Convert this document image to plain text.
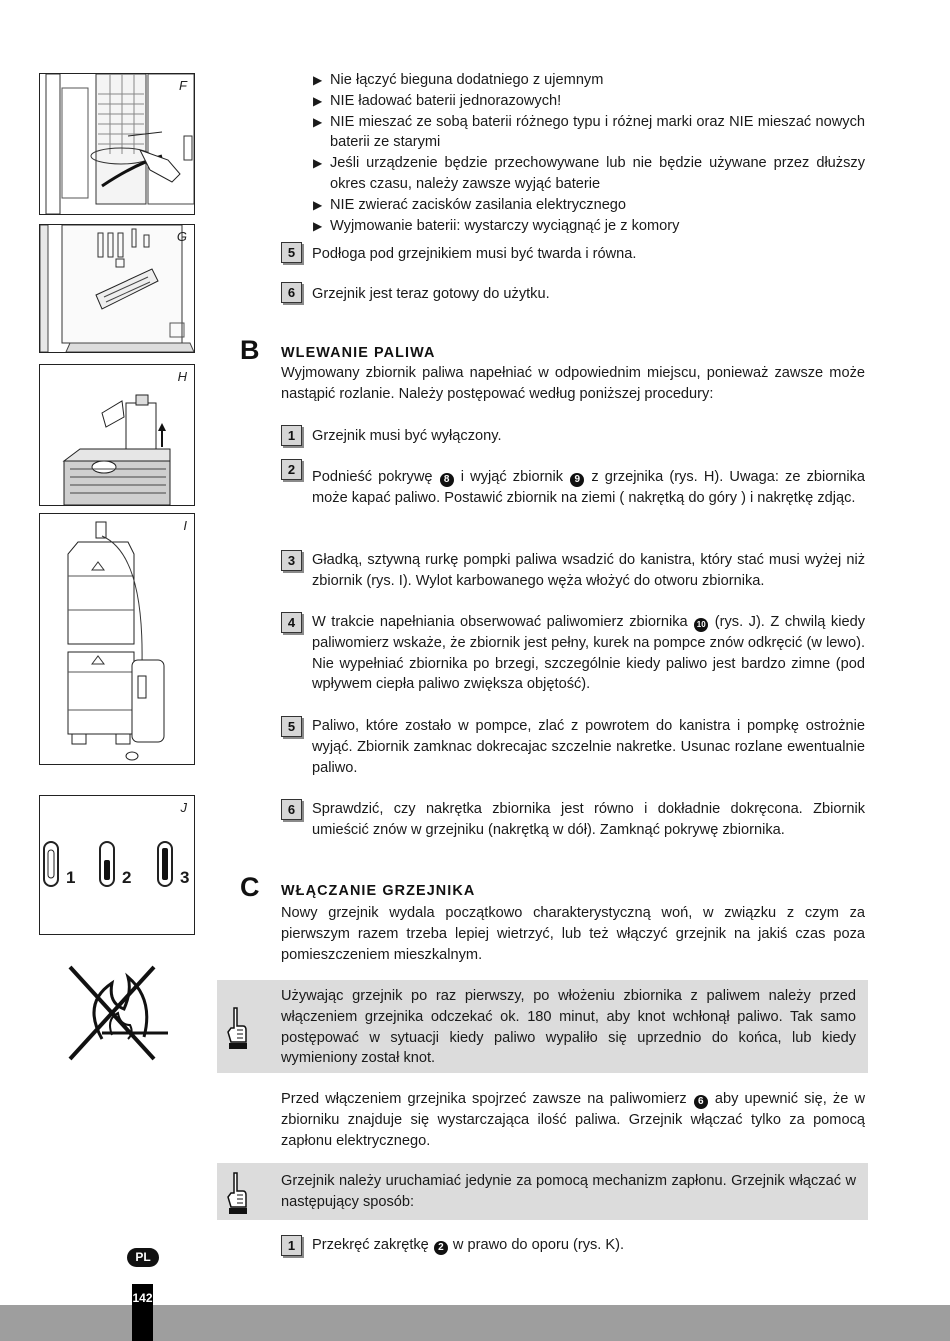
F
G
H
I
J
1	2	3

▶ Nie łączyć bieguna dodatniego z ujemnym

▶ NIE ładować baterii jednorazowych!

▶ NIE mieszać ze sobą baterii różnego typu i różnej marki oraz NIE mieszać nowych baterii ze starymi

▶ Jeśli urządzenie będzie przechowywane lub nie będzie używane przez dłuższy okres czasu, należy zawsze wyjąć baterie

▶ NIE zwierać zacisków zasilania elektrycznego

▶ Wyjmowanie baterii: wystarczy wyciągnąć je z komory

5	Podłoga pod grzejnikiem musi być twarda i równa.
6	Grzejnik jest teraz gotowy do użytku.
B WLEWANIE PALIWA

Wyjmowany zbiornik paliwa napełniać w odpowiednim miejscu, ponieważ zawsze może nastąpić rozlanie. Należy postępować według poniższej procedury:

1	Grzejnik musi być wyłączony.
2	Podnieść pokrywę 8 i wyjąć zbiornik 9 z grzejnika (rys. H). Uwaga: ze zbiornika może kapać paliwo. Postawić zbiornik na ziemi ( nakrętką do góry ) i nakrętkę zdjąc.
3	Gładką, sztywną rurkę pompki paliwa wsadzić do kanistra, który stać musi wyżej niż zbiornik (rys. I). Wylot karbowanego węża włożyć do otworu zbiornika.
4	W trakcie napełniania obserwować paliwomierz zbiornika 10 (rys. J). Z chwilą kiedy paliwomierz wskaże, że zbiornik jest pełny, kurek na pompce znów odkręcić (w lewo). Nie wypełniać zbiornika po brzegi, szczególnie kiedy paliwo jest bardzo zimne (pod wpływem ciepła paliwo zwiększa objętość).
5	Paliwo, które zostało w pompce, zlać z powrotem do kanistra i pompkę ostrożnie wyjąć. Zbiornik zamknac dokrecajac szczelnie nakretke. Usunac rozlane ewentualnie paliwo.
6	Sprawdzić, czy nakrętka zbiornika jest równo i dokładnie dokręcona. Zbiornik umieścić znów w grzejniku (nakrętką w dół). Zamknąć pokrywę zbiornika.
C WŁĄCZANIE GRZEJNIKA

Nowy grzejnik wydala początkowo charakterystyczną woń, w związku z czym za pierwszym razem trzeba lepiej wietrzyć, lub też włączyć grzejnik na jakiś czas poza pomieszczeniem mieszkalnym.

Używając grzejnik po raz pierwszy, po włożeniu zbiornika z paliwem należy przed włączeniem grzejnika odczekać ok. 180 minut, aby knot wchłonął paliwo. Tak samo postępować w sytuacji kiedy paliwo wypaliło się uprzednio do końca, lub kiedy wymieniony został knot.

Przed włączeniem grzejnika spojrzeć zawsze na paliwomierz 6 aby upewnić się, że w zbiorniku znajduje się wystarczająca ilość paliwa. Grzejnik włączać tylko za pomocą zapłonu elektrycznego.

Grzejnik należy uruchamiać jedynie za pomocą mechanizm zapłonu. Grzejnik włączać w następujący sposób:
1	Przekręć zakrętkę 2 w prawo do oporu (rys. K).
PL
142
